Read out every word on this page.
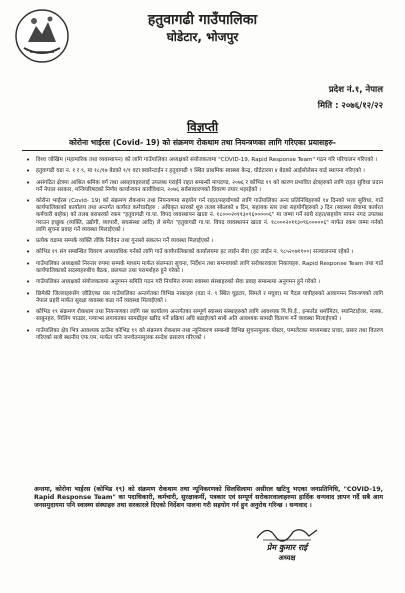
हतुवागढी गाउँपालिका
घोडेटार, भोजपुर
प्रदेश नं.१, नेपाल
मिति : २०७६/१२/२२
विज्ञप्ती
कोरोना भाईरस (Covid- 19) को संक्रमण रोकथाम तथा नियन्त्रणका लागि गरिएका प्रयासहरु-
• विश्व जोखिम (महामारिक तथा व्यवस्थापन) को लागि गाउँपालिका अध्यक्षको संयोजकत्वमा "COVID-19, Rapid Response Team" गठन गरि परिचालन गरिएको ।
• हतुवागढी वडा न. १ र ९, मा १८/१७ बेडको १/१ वटा क्वारेन्टाईन र हतुवागढी ९ स्थित प्राथमिक स्वास्थ्य केन्द्र, घोडेटारमा ४ बेडको आईसोलेसन वार्ड स्थापना गरिएको ।
• असंगठित क्षेत्रमा आश्रित श्रमिक वर्ग तथा असहायहरुलाई उपलब्ध गराईने राहत सम्बन्धी मापदण्ड, २०७६ र कोभिड १९ को कारण प्रभावित क्षेत्रहरुको लागि राहत सुविधा प्रदान गर्ने नेपाल सरकार, मन्त्रिपरिषदको निर्णय कार्यान्वयन कार्यविधान, २०७६ सर्वसाधारणको विवरण तयार भइरहेको ।
• कोरोना भाईरस (Covid- 19) को संक्रमण रोकथाम तथा नियन्त्रणमा सहयोग गर्न राहत/सहयोगको लागि गाउँपालिका अन्य प्रतिनिधिहरुको १४ दिनको भत्ता सुविधा, गाउँ कार्यपालिकाको कार्यालय तथा अन्तर्गत कार्यरत कर्मचारीहरु : अधिकृत स्तरको शुरु तलब स्केलको ४ दिन, सहायक स्तर तथा सहयोगीहरुको ३ दिन (स्वास्थ्य सेवामा कार्यरत कर्मचारी बाहेक) को तलब बराबरको रकम "हतुवागढी गा.पा. विपद व्यवस्थापन खाता नं. १८०००२०११३०९६०००००६" मा जम्मा गर्ने साथै राहत/सहयोग मापन नगद उपलब्ध गराउन इच्छुक (व्यक्ति, उद्योगी, व्यापारी, सघसंस्था आदि) ले समेत "हतुवागढी गा.पा. विपद व्यवस्थापन खाता नं. १८०००२०११३०९६०००००६" मार्फत रकम जम्मा गर्नको लागि सूचना प्रवाह गर्ने व्यवस्था मिलाईएको ।
• प्रत्येक वडामा सम्पर्क व्यक्ति तोकि निवेदन तथा गुनासो संकलन गर्ने व्यवस्था मिलाईएको ।
• कोभिड १९ संग सम्बन्धित विवरण अध्यावधिक गर्नको लागि गाउँ कार्यपालिकाको कार्यालयमा हट लाईन सेवा (हट लाईन न. ९८५२०७११००) सञ्चालनमा रहेको ।
• गाउँपालिका अध्यक्षको निरन्तर रुपमा सम्पर्क माध्यम मार्फत संलग्नता सुचना, निर्देशन तथा समन्वयको लागि सरोकारवाला निकायहरु, Rapid Response Team तथा गाउँ कार्यपालिकाको सदस्यहरुबीच बैठक, छलफल तथा परामर्शहरु हुने गरेको ।
• गाउँपालिका अध्यक्षको संयोजकत्वमा अनुगमन समिति गठन गरी नियमित रुपमा स्वास्थ्य संस्थाहरुको सेवा प्रवाह सम्बन्धमा अनुगमन हुने गरेको ।
• छिमेकी जिल्लाहरुसँग जोडिएका यस गाउँपालिका अन्तर्गतका विभिन्न नाकाहरु (वडा नं. ९ स्थित घुइटार, सिमले र मघुवा) मा पैदल यात्रीहरुको आवागमन नियन्त्रणको लागि नेपाल प्रहरी मार्फत सुरक्षा व्यवस्था कडा गर्ने व्यवस्था मिलाईएको ।
• कोभिड १९ संक्रमण रोकथाम तथा नियन्त्रणका लागि यस कार्यालय अन्तर्गतका सम्पूर्ण स्वास्थ्य संस्थाहरुको लागि आवश्यक पि.पि.ई., इन्फारेड थर्मामिटर, स्यानिटाईजर, मास्क, साबुनहरु, मिलिंग पाउडर, ग्ल्याभ्स लगायतका सामग्रीहरु खरिद गर्ने प्रक्रिया अघि बढाईएको साथै अति आवश्यक सामग्री वितरण गर्ने व्यवस्था मिलाईएको ।
• गाउँपालिका क्षेत्र भित्र आवश्यक ठाउँमा कोभिड १९ को संक्रमण रोकथाम तथा न्यूनिकरण सम्बन्धी विभिन्न सुचनामूलक पोस्टर, पम्पलेटका माध्यमबाट प्रचार, प्रसार तथा वितरण गरिएको साथै स्थानीय एफ.एम. मार्फत पनि जनचेतनामूलक सन्देश प्रसारण गरिएको ।
अन्तमा, कोरोना भाईरस (कोभिड १९) को संक्रमण रोकथाम तथा न्यूनिकरणको सिलसिलामा असीरल खटिनु भएका जनप्रतिनिधि, "COVID-19, Rapid Response Team" का पदाधिकारी, कर्मचारी, सुरक्षाकर्मी, पत्रकार एवं सम्पूर्ण सरोकारवालाहरुमा हार्दिक धन्यवाद ज्ञापन गर्दै सबै आम जनसमुदायमा पनि स्वास्थ्य संस्थाहरु तथा सरकारले दिएको निर्देशन पालना गरी सहयोग गर्न हुन अनुरोध गरिन्छ । धन्यवाद ।
प्रेम कुमार राई
अध्यक्ष
